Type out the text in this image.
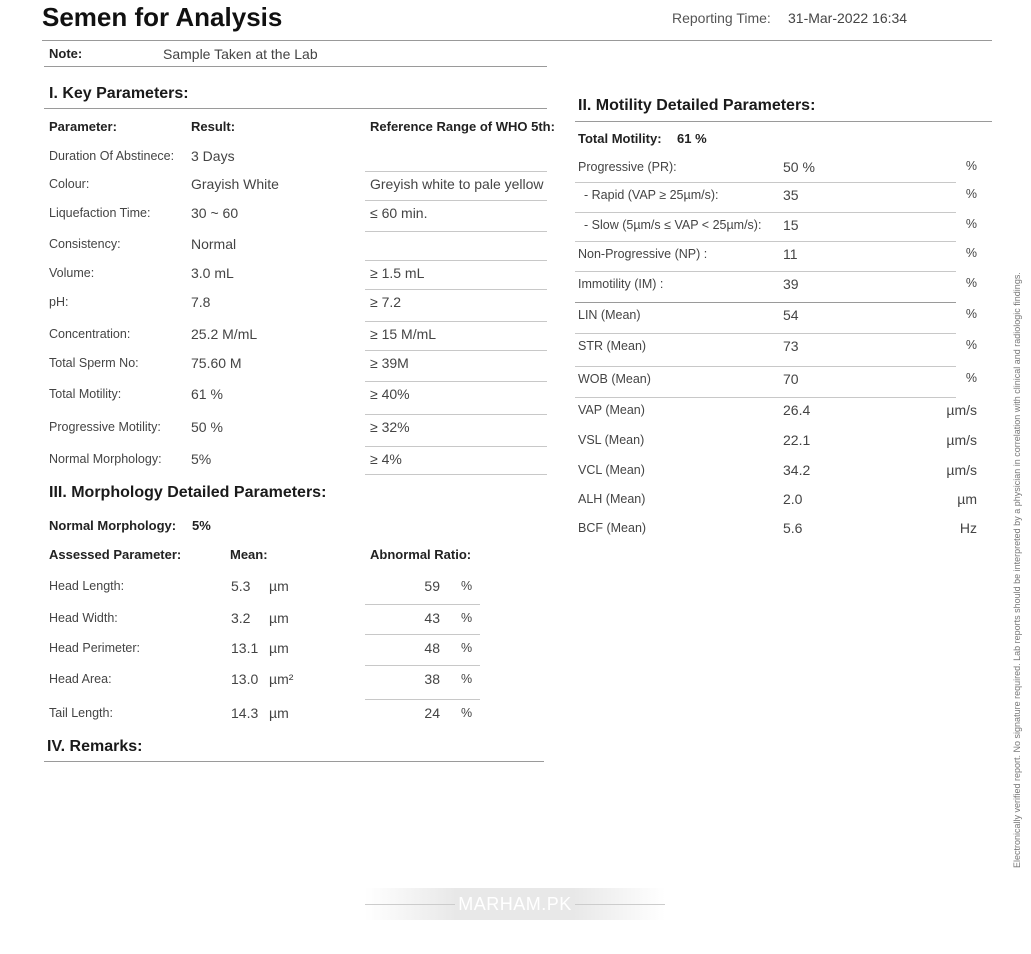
Semen for Analysis	Reporting Time: 31-Mar-2022 16:34
Note:	Sample Taken at the Lab
I. Key Parameters:
Parameter:	Result:	Reference Range of WHO 5th:
Duration Of Abstinece: 3 Days
Colour:	Grayish White	Greyish white to pale yellow
Liquefaction Time:	30 ~ 60	≤ 60 min.
Consistency:	Normal
Volume:	3.0 mL	≥ 1.5 mL
pH:	7.8	≥ 7.2
Concentration:	25.2 M/mL	≥ 15 M/mL
Total Sperm No:	75.60 M	≥ 39M
Total Motility:	61 %	≥ 40%
Progressive Motility: 50 %	≥ 32%
Normal Morphology: 5%	≥ 4%
III. Morphology Detailed Parameters:
Normal Morphology: 5%
Assessed Parameter:	Mean:	Abnormal Ratio:
Head Length:	5.3 µm	59 %
Head Width:	3.2 µm	43 %
Head Perimeter:	13.1 µm	48 %
Head Area:	13.0 µm²	38 %
Tail Length:	14.3 µm	24 %
IV. Remarks:
II. Motility Detailed Parameters:
Total Motility: 61 %
Progressive (PR):	50 %	%
- Rapid (VAP ≥ 25µm/s):	35	%
- Slow (5µm/s ≤ VAP < 25µm/s): 15	%
Non-Progressive (NP) :	11	%
Immotility (IM) :	39	%
LIN (Mean)	54	%
STR (Mean)	73	%
WOB (Mean)	70	%
VAP (Mean)	26.4	µm/s
VSL (Mean)	22.1	µm/s
VCL (Mean)	34.2	µm/s
ALH (Mean)	2.0	µm
BCF (Mean)	5.6	Hz	Electronically verified report. No signature required. Lab reports should be interpreted by a physician in correlation with clinical and radiologic findings.
MARHAM.PK
